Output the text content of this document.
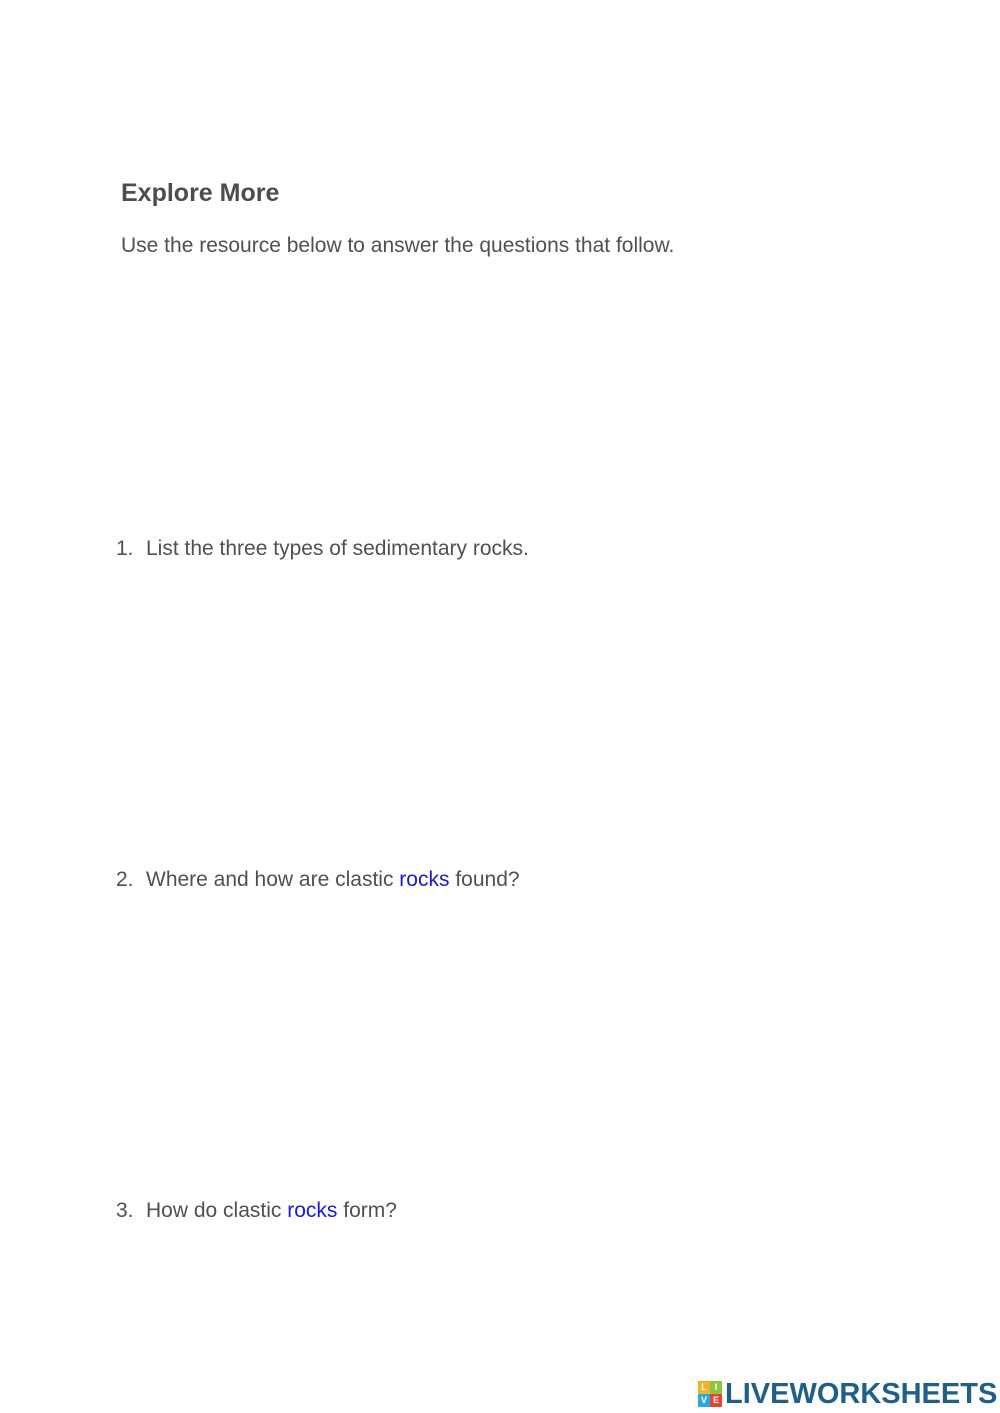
Explore More

Use the resource below to answer the questions that follow.

1. List the three types of sedimentary rocks.

2. Where and how are clastic rocks found?

3. How do clastic rocks form?

L I
V E LIVEWORKSHEETS
